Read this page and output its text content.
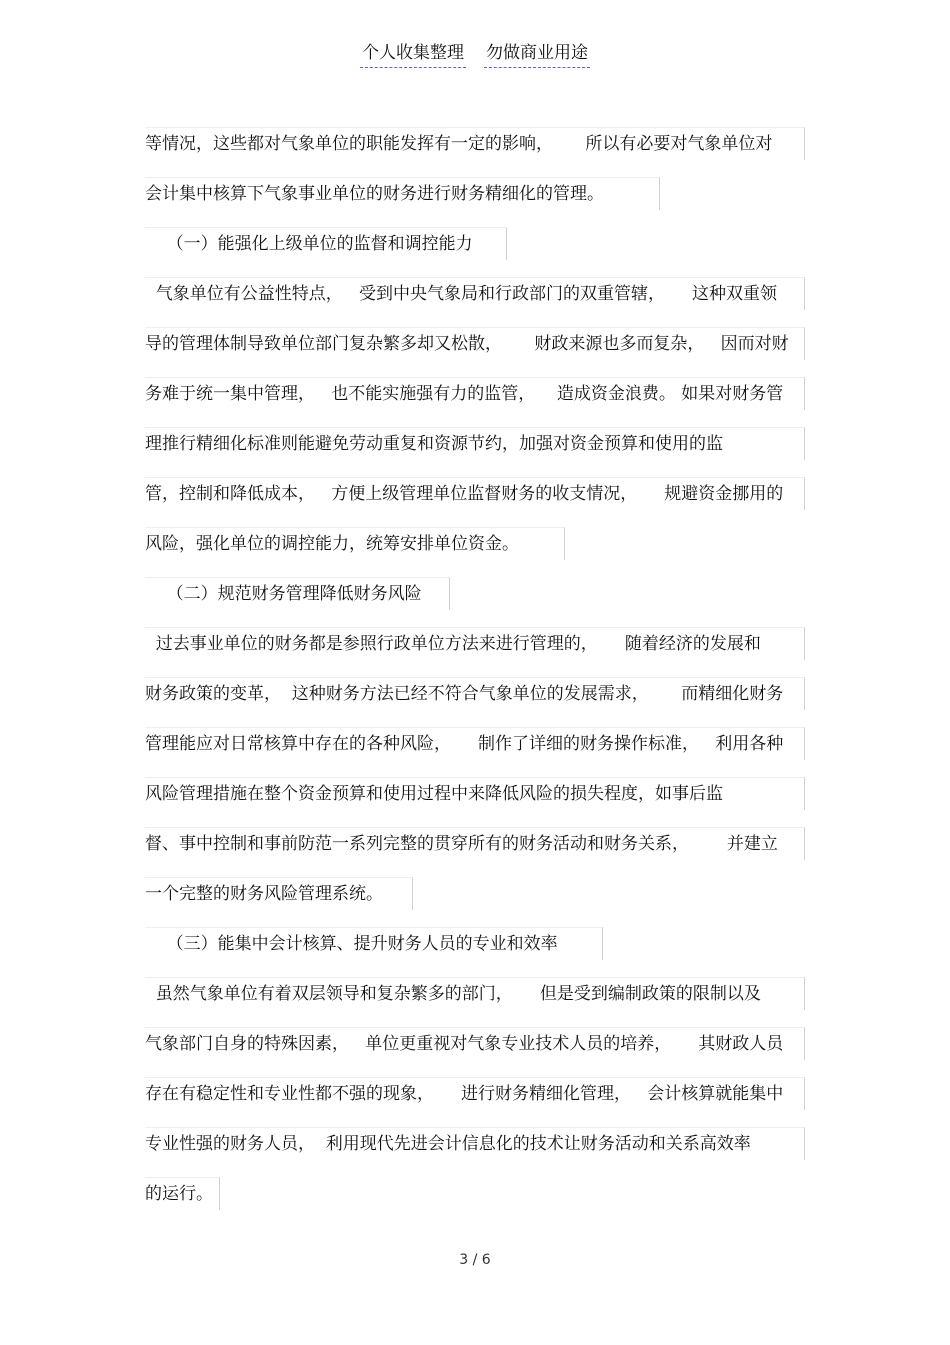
个人收集整理 勿做商业用途
等情况，这些都对气象单位的职能发挥有一定的影响，      所以有必要对气象单位对
会计集中核算下气象事业单位的财务进行财务精细化的管理。
（一）能强化上级单位的监督和调控能力
气象单位有公益性特点，   受到中央气象局和行政部门的双重管辖，     这种双重领
导的管理体制导致单位部门复杂繁多却又松散，      财政来源也多而复杂，   因而对财
务难于统一集中管理，   也不能实施强有力的监管，    造成资金浪费。 如果对财务管
理推行精细化标准则能避免劳动重复和资源节约，加强对资金预算和使用的监
管，控制和降低成本，   方便上级管理单位监督财务的收支情况，     规避资金挪用的
风险，强化单位的调控能力，统筹安排单位资金。
（二）规范财务管理降低财务风险
过去事业单位的财务都是参照行政单位方法来进行管理的，     随着经济的发展和
财务政策的变革，  这种财务方法已经不符合气象单位的发展需求，      而精细化财务
管理能应对日常核算中存在的各种风险，     制作了详细的财务操作标准，   利用各种
风险管理措施在整个资金预算和使用过程中来降低风险的损失程度，如事后监
督、事中控制和事前防范一系列完整的贯穿所有的财务活动和财务关系，       并建立
一个完整的财务风险管理系统。
（三）能集中会计核算、提升财务人员的专业和效率
虽然气象单位有着双层领导和复杂繁多的部门，     但是受到编制政策的限制以及
气象部门自身的特殊因素，   单位更重视对气象专业技术人员的培养，     其财政人员
存在有稳定性和专业性都不强的现象，     进行财务精细化管理，   会计核算就能集中
专业性强的财务人员，  利用现代先进会计信息化的技术让财务活动和关系高效率
的运行。
3 / 6
